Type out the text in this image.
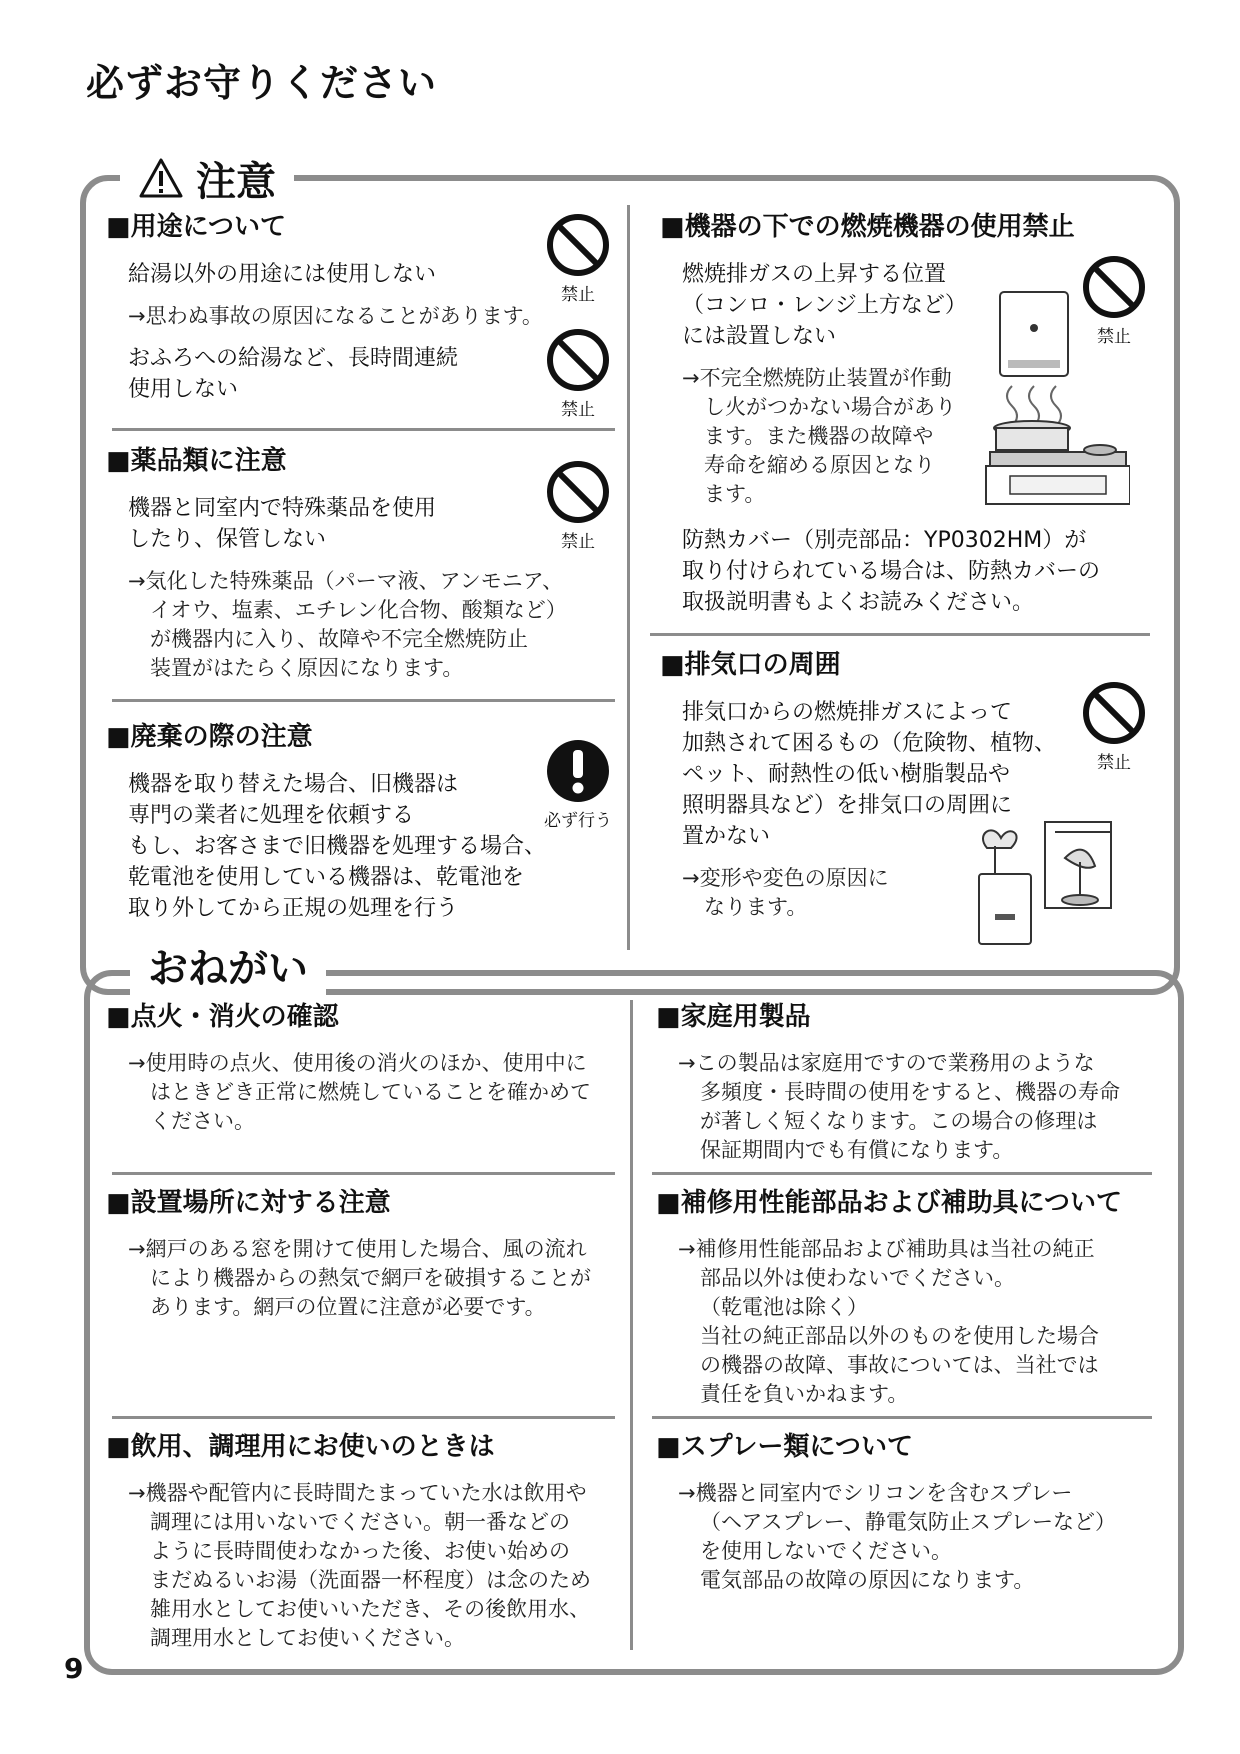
必ずお守りください
注意
■用途について

給湯以外の用途には使用しない

→思わぬ事故の原因になることがあります。

おふろへの給湯など、長時間連続
使用しない

■薬品類に注意

機器と同室内で特殊薬品を使用
したり、保管しない

→気化した特殊薬品（パーマ液、アンモニア、
イオウ、塩素、エチレン化合物、酸類など）
が機器内に入り、故障や不完全燃焼防止
装置がはたらく原因になります。

■廃棄の際の注意

機器を取り替えた場合、旧機器は
専門の業者に処理を依頼する
もし、お客さまで旧機器を処理する場合、
乾電池を使用している機器は、乾電池を
取り外してから正規の処理を行う

■機器の下での燃焼機器の使用禁止

燃焼排ガスの上昇する位置
（コンロ・レンジ上方など）
には設置しない

→不完全燃焼防止装置が作動
し火がつかない場合があり
ます。また機器の故障や
寿命を縮める原因となり
ます。

防熱カバー（別売部品：YP0302HM）が
取り付けられている場合は、防熱カバーの
取扱説明書もよくお読みください。

■排気口の周囲

排気口からの燃焼排ガスによって
加熱されて困るもの（危険物、植物、
ペット、耐熱性の低い樹脂製品や
照明器具など）を排気口の周囲に
置かない

→変形や変色の原因に
なります。

禁止
禁止
禁止
必ず行う
禁止
禁止
おねがい
■点火・消火の確認

→使用時の点火、使用後の消火のほか、使用中に
はときどき正常に燃焼していることを確かめて
ください。

■設置場所に対する注意

→網戸のある窓を開けて使用した場合、風の流れ
により機器からの熱気で網戸を破損することが
あります。網戸の位置に注意が必要です。

■飲用、調理用にお使いのときは

→機器や配管内に長時間たまっていた水は飲用や
調理には用いないでください。朝一番などの
ように長時間使わなかった後、お使い始めの
まだぬるいお湯（洗面器一杯程度）は念のため
雑用水としてお使いいただき、その後飲用水、
調理用水としてお使いください。

■家庭用製品

→この製品は家庭用ですので業務用のような
多頻度・長時間の使用をすると、機器の寿命
が著しく短くなります。この場合の修理は
保証期間内でも有償になります。

■補修用性能部品および補助具について

→補修用性能部品および補助具は当社の純正
部品以外は使わないでください。
（乾電池は除く）
当社の純正部品以外のものを使用した場合
の機器の故障、事故については、当社では
責任を負いかねます。

■スプレー類について

→機器と同室内でシリコンを含むスプレー
（ヘアスプレー、静電気防止スプレーなど）
を使用しないでください。
電気部品の故障の原因になります。

9
